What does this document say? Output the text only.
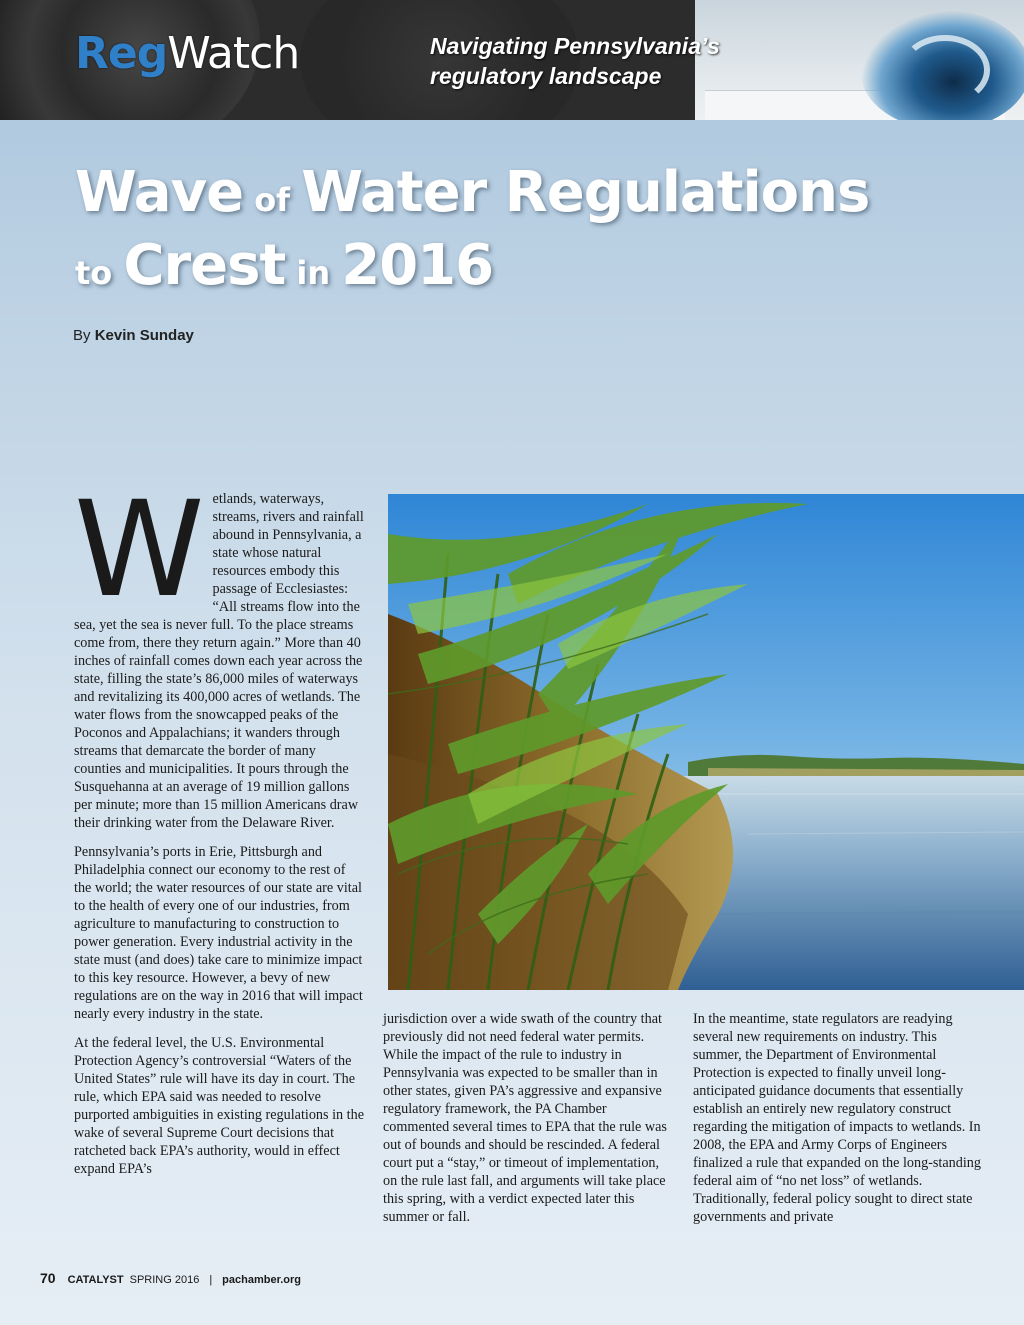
RegWatch	Navigating Pennsylvania’s
regulatory landscape
Wave of Water Regulations
to Crest in 2016
By Kevin Sunday

Wetlands, waterways, streams, rivers and rainfall abound in Pennsylvania, a state whose natural resources embody this passage of Ecclesiastes: “All streams flow into the sea, yet the sea is never full. To the place streams come from, there they return again.” More than 40 inches of rainfall comes down each year across the state, filling the state’s 86,000 miles of waterways and revitalizing its 400,000 acres of wetlands. The water flows from the snowcapped peaks of the Poconos and Appalachians; it wanders through streams that demarcate the border of many counties and municipalities. It pours through the Susquehanna at an average of 19 million gallons per minute; more than 15 million Americans draw their drinking water from the Delaware River.

Pennsylvania’s ports in Erie, Pittsburgh and Philadelphia connect our economy to the rest of the world; the water resources of our state are vital to the health of every one of our industries, from agriculture to manufacturing to construction to power generation. Every industrial activity in the state must (and does) take care to minimize impact to this key resource. However, a bevy of new regulations are on the way in 2016 that will impact nearly every industry in the state.

At the federal level, the U.S. Environmental Protection Agency’s controversial “Waters of the United States” rule will have its day in court. The rule, which EPA said was needed to resolve purported ambiguities in existing regulations in the wake of several Supreme Court decisions that ratcheted back EPA’s authority, would in effect expand EPA’s

jurisdiction over a wide swath of the country that previously did not need federal water permits. While the impact of the rule to industry in Pennsylvania was expected to be smaller than in other states, given PA’s aggressive and expansive regulatory framework, the PA Chamber commented several times to EPA that the rule was out of bounds and should be rescinded. A federal court put a “stay,” or timeout of implementation, on the rule last fall, and arguments will take place this spring, with a verdict expected later this summer or fall.

In the meantime, state regulators are readying several new requirements on industry. This summer, the Department of Environmental Protection is expected to finally unveil long-anticipated guidance documents that essentially establish an entirely new regulatory construct regarding the mitigation of impacts to wetlands. In 2008, the EPA and Army Corps of Engineers finalized a rule that expanded on the long-standing federal aim of “no net loss” of wetlands. Traditionally, federal policy sought to direct state governments and private

70 CATALYST SPRING 2016 | pachamber.org
